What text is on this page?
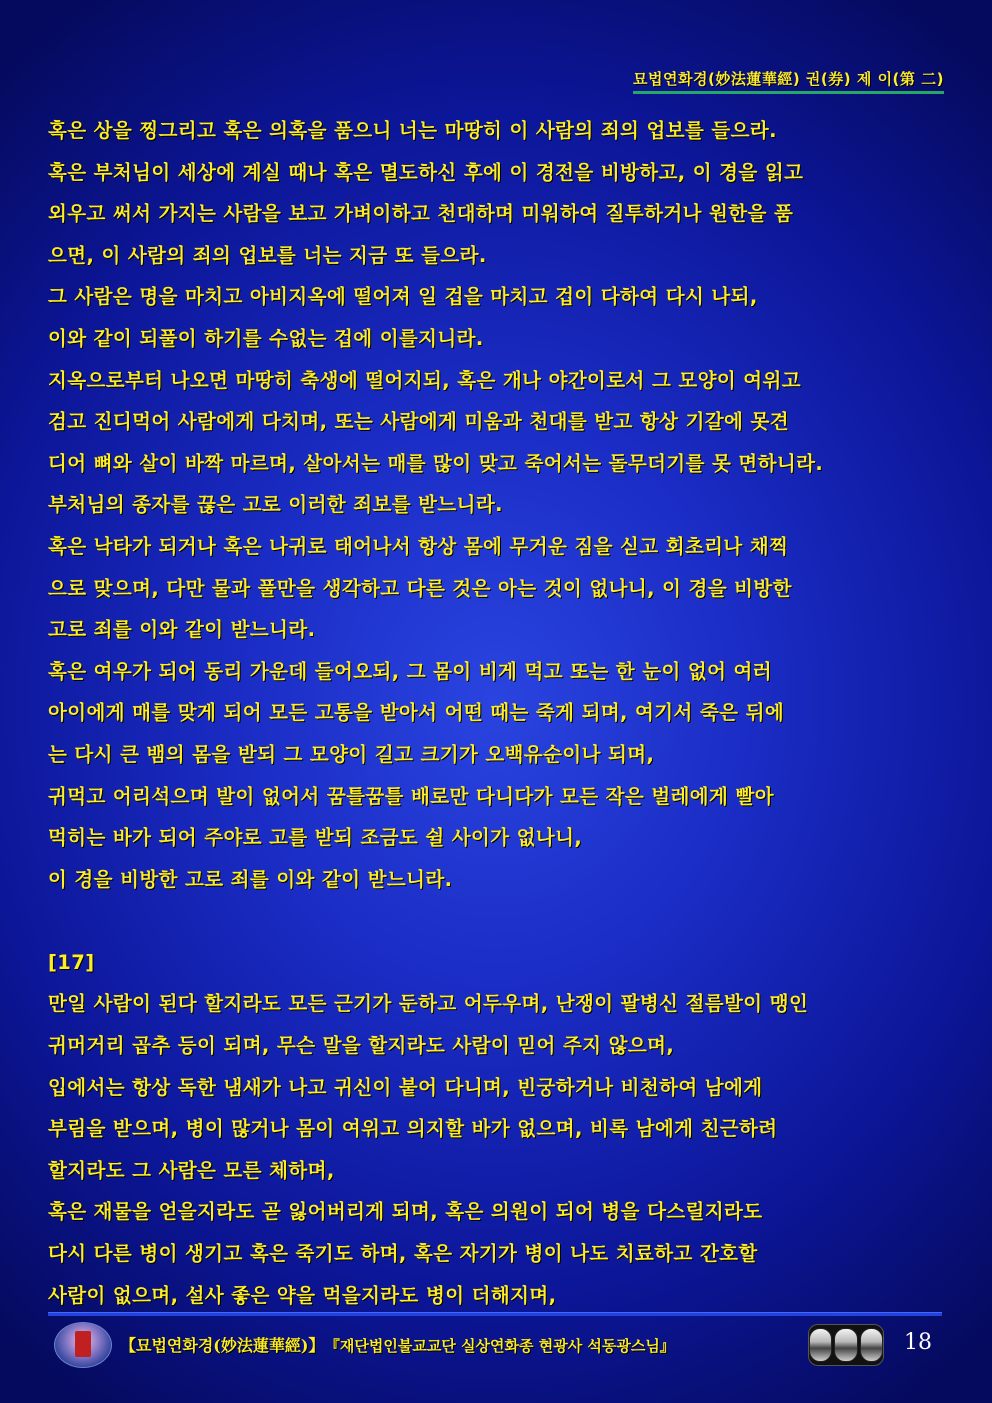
묘법연화경(妙法蓮華經) 권(券) 제 이(第 二)
혹은 상을 찡그리고 혹은 의혹을 품으니 너는 마땅히 이 사람의 죄의 업보를 들으라.
혹은 부처님이 세상에 계실 때나 혹은 멸도하신 후에 이 경전을 비방하고, 이 경을 읽고
외우고 써서 가지는 사람을 보고 가벼이하고 천대하며 미워하여 질투하거나 원한을 품
으면, 이 사람의 죄의 업보를 너는 지금 또 들으라.
그 사람은 명을 마치고 아비지옥에 떨어져 일 겁을 마치고 겁이 다하여 다시 나되,
이와 같이 되풀이 하기를 수없는 겁에 이를지니라.
지옥으로부터 나오면 마땅히 축생에 떨어지되, 혹은 개나 야간이로서 그 모양이 여위고
검고 진디먹어 사람에게 다치며, 또는 사람에게 미움과 천대를 받고 항상 기갈에 못견
디어 뼈와 살이 바짝 마르며, 살아서는 매를 많이 맞고 죽어서는 돌무더기를 못 면하니라.
부처님의 종자를 끊은 고로 이러한 죄보를 받느니라.
혹은 낙타가 되거나 혹은 나귀로 태어나서 항상 몸에 무거운 짐을 싣고 회초리나 채찍
으로 맞으며, 다만 물과 풀만을 생각하고 다른 것은 아는 것이 없나니, 이 경을 비방한
고로 죄를 이와 같이 받느니라.
혹은 여우가 되어 동리 가운데 들어오되, 그 몸이 비게 먹고 또는 한 눈이 없어 여러
아이에게 매를 맞게 되어 모든 고통을 받아서 어떤 때는 죽게 되며, 여기서 죽은 뒤에
는 다시 큰 뱀의 몸을 받되 그 모양이 길고 크기가 오백유순이나 되며,
귀먹고 어리석으며 발이 없어서 꿈틀꿈틀 배로만 다니다가 모든 작은 벌레에게 빨아
먹히는 바가 되어 주야로 고를 받되 조금도 쉴 사이가 없나니,
이 경을 비방한 고로 죄를 이와 같이 받느니라.
[17]
만일 사람이 된다 할지라도 모든 근기가 둔하고 어두우며, 난쟁이 팔병신 절름발이 맹인
귀머거리 곱추 등이 되며, 무슨 말을 할지라도 사람이 믿어 주지 않으며,
입에서는 항상 독한 냄새가 나고 귀신이 붙어 다니며, 빈궁하거나 비천하여 남에게
부림을 받으며, 병이 많거나 몸이 여위고 의지할 바가 없으며, 비록 남에게 친근하려
할지라도 그 사람은 모른 체하며,
혹은 재물을 얻을지라도 곧 잃어버리게 되며, 혹은 의원이 되어 병을 다스릴지라도
다시 다른 병이 생기고 혹은 죽기도 하며, 혹은 자기가 병이 나도 치료하고 간호할
사람이 없으며, 설사 좋은 약을 먹을지라도 병이 더해지며,
【묘법연화경(妙法蓮華經)】 『재단법인불교교단 실상연화종 현광사 석동광스님』	18
